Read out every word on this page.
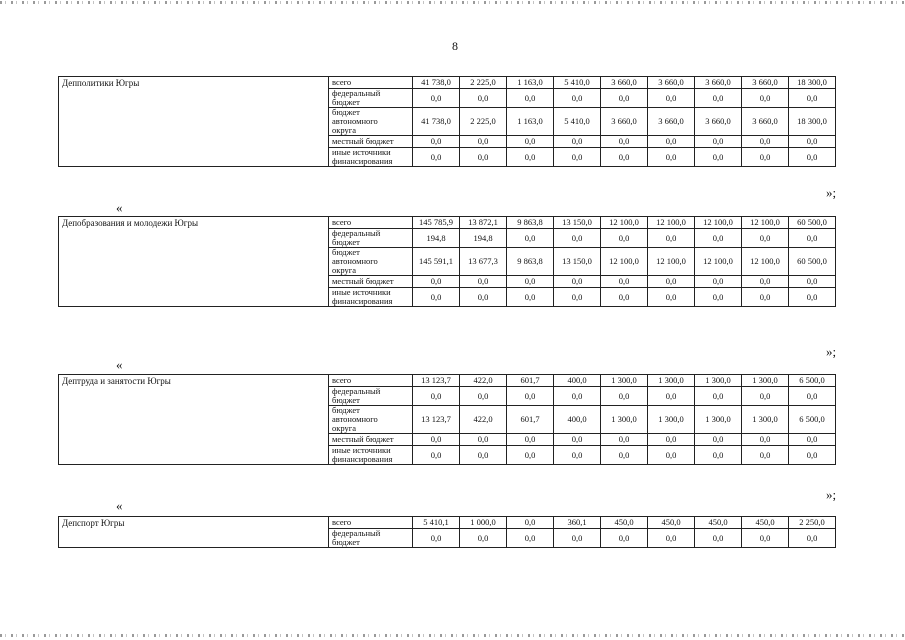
8
Депполитики Югры	всего	41 738,0	2 225,0	1 163,0	5 410,0	3 660,0	3 660,0	3 660,0	3 660,0	18 300,0

	федеральный
бюджет	0,0	0,0	0,0	0,0	0,0	0,0	0,0	0,0	0,0

	бюджет
автономного
округа	41 738,0	2 225,0	1 163,0	5 410,0	3 660,0	3 660,0	3 660,0	3 660,0	18 300,0

	местный бюджет	0,0	0,0	0,0	0,0	0,0	0,0	0,0	0,0	0,0

	иные источники
финансирования	0,0	0,0	0,0	0,0	0,0	0,0	0,0	0,0	0,0
»;
«
Депобразования и молодежи Югры	всего	145 785,9	13 872,1	9 863,8	13 150,0	12 100,0	12 100,0	12 100,0	12 100,0	60 500,0

	федеральный
бюджет	194,8	194,8	0,0	0,0	0,0	0,0	0,0	0,0	0,0

	бюджет
автономного
округа	145 591,1	13 677,3	9 863,8	13 150,0	12 100,0	12 100,0	12 100,0	12 100,0	60 500,0

	местный бюджет	0,0	0,0	0,0	0,0	0,0	0,0	0,0	0,0	0,0

	иные источники
финансирования	0,0	0,0	0,0	0,0	0,0	0,0	0,0	0,0	0,0
»;
«
Дептруда и занятости Югры	всего	13 123,7	422,0	601,7	400,0	1 300,0	1 300,0	1 300,0	1 300,0	6 500,0

	федеральный
бюджет	0,0	0,0	0,0	0,0	0,0	0,0	0,0	0,0	0,0

	бюджет
автономного
округа	13 123,7	422,0	601,7	400,0	1 300,0	1 300,0	1 300,0	1 300,0	6 500,0

	местный бюджет	0,0	0,0	0,0	0,0	0,0	0,0	0,0	0,0	0,0

	иные источники
финансирования	0,0	0,0	0,0	0,0	0,0	0,0	0,0	0,0	0,0
»;
«
Депспорт Югры	всего	5 410,1	1 000,0	0,0	360,1	450,0	450,0	450,0	450,0	2 250,0

	федеральный
бюджет	0,0	0,0	0,0	0,0	0,0	0,0	0,0	0,0	0,0
